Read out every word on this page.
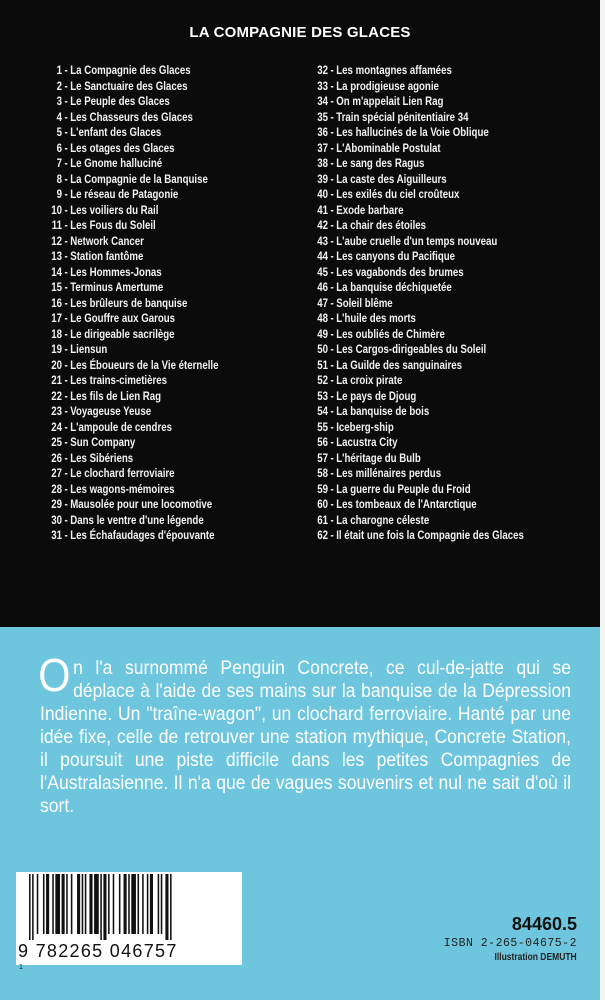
LA COMPAGNIE DES GLACES
1 - La Compagnie des Glaces
2 - Le Sanctuaire des Glaces
3 - Le Peuple des Glaces
4 - Les Chasseurs des Glaces
5 - L'enfant des Glaces
6 - Les otages des Glaces
7 - Le Gnome halluciné
8 - La Compagnie de la Banquise
9 - Le réseau de Patagonie
10 - Les voiliers du Rail
11 - Les Fous du Soleil
12 - Network Cancer
13 - Station fantôme
14 - Les Hommes-Jonas
15 - Terminus Amertume
16 - Les brûleurs de banquise
17 - Le Gouffre aux Garous
18 - Le dirigeable sacrilège
19 - Liensun
20 - Les Éboueurs de la Vie éternelle
21 - Les trains-cimetières
22 - Les fils de Lien Rag
23 - Voyageuse Yeuse
24 - L'ampoule de cendres
25 - Sun Company
26 - Les Sibériens
27 - Le clochard ferroviaire
28 - Les wagons-mémoires
29 - Mausolée pour une locomotive
30 - Dans le ventre d'une légende
31 - Les Échafaudages d'épouvante
32 - Les montagnes affamées
33 - La prodigieuse agonie
34 - On m'appelait Lien Rag
35 - Train spécial pénitentiaire 34
36 - Les hallucinés de la Voie Oblique
37 - L'Abominable Postulat
38 - Le sang des Ragus
39 - La caste des Aiguilleurs
40 - Les exilés du ciel croûteux
41 - Exode barbare
42 - La chair des étoiles
43 - L'aube cruelle d'un temps nouveau
44 - Les canyons du Pacifique
45 - Les vagabonds des brumes
46 - La banquise déchiquetée
47 - Soleil blême
48 - L'huile des morts
49 - Les oubliés de Chimère
50 - Les Cargos-dirigeables du Soleil
51 - La Guilde des sanguinaires
52 - La croix pirate
53 - Le pays de Djoug
54 - La banquise de bois
55 - Iceberg-ship
56 - Lacustra City
57 - L'héritage du Bulb
58 - Les millénaires perdus
59 - La guerre du Peuple du Froid
60 - Les tombeaux de l'Antarctique
61 - La charogne céleste
62 - Il était une fois la Compagnie des Glaces
On l'a surnommé Penguin Concrete, ce cul-de-jatte qui se déplace à l'aide de ses mains sur la banquise de la Dépression Indienne. Un "traîne-wagon", un clochard ferroviaire. Hanté par une idée fixe, celle de retrouver une station mythique, Concrete Station, il poursuit une piste difficile dans les petites Compagnies de l'Australasienne. Il n'a que de vagues souvenirs et nul ne sait d'où il sort.
9 782265 046757
1
84460.5
ISBN 2-265-04675-2
Illustration DEMUTH
